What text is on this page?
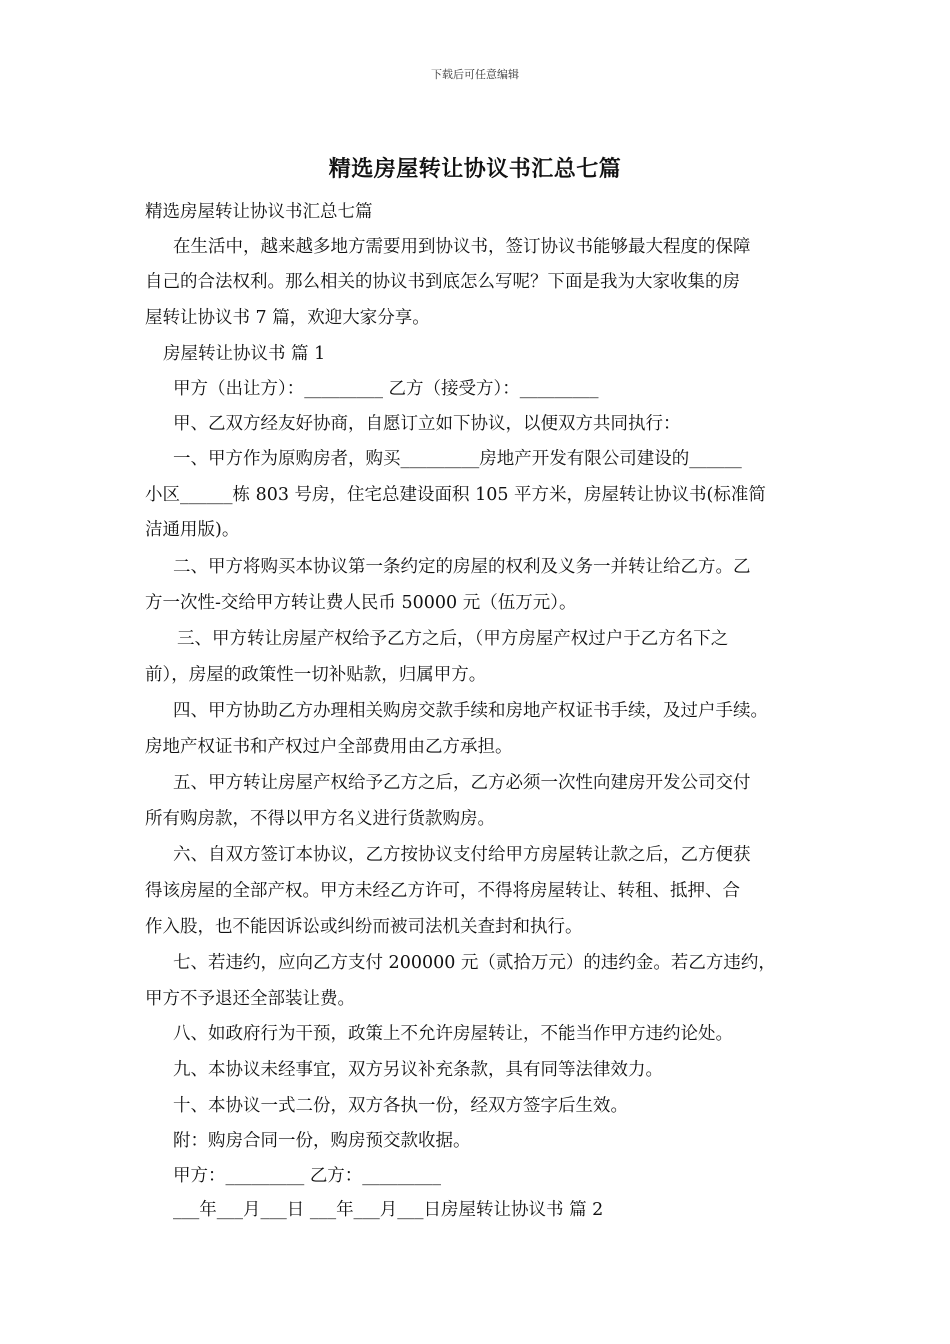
下载后可任意编辑
精选房屋转让协议书汇总七篇
精选房屋转让协议书汇总七篇
在生活中，越来越多地方需要用到协议书，签订协议书能够最大程度的保障
自己的合法权利。那么相关的协议书到底怎么写呢？下面是我为大家收集的房
屋转让协议书 7 篇，欢迎大家分享。
房屋转让协议书 篇 1
甲方（出让方）：_________ 乙方（接受方）：_________
甲、乙双方经友好协商，自愿订立如下协议，以便双方共同执行：
一、甲方作为原购房者，购买_________房地产开发有限公司建设的______
小区______栋 803 号房，住宅总建设面积 105 平方米，房屋转让协议书(标准简
洁通用版)。
二、甲方将购买本协议第一条约定的房屋的权利及义务一并转让给乙方。乙
方一次性-交给甲方转让费人民币 50000 元（伍万元）。
三、甲方转让房屋产权给予乙方之后，（甲方房屋产权过户于乙方名下之
前），房屋的政策性一切补贴款，归属甲方。
四、甲方协助乙方办理相关购房交款手续和房地产权证书手续，及过户手续。
房地产权证书和产权过户全部费用由乙方承担。
五、甲方转让房屋产权给予乙方之后，乙方必须一次性向建房开发公司交付
所有购房款，不得以甲方名义进行货款购房。
六、自双方签订本协议，乙方按协议支付给甲方房屋转让款之后，乙方便获
得该房屋的全部产权。甲方未经乙方许可，不得将房屋转让、转租、抵押、合
作入股，也不能因诉讼或纠纷而被司法机关查封和执行。
七、若违约，应向乙方支付 200000 元（贰拾万元）的违约金。若乙方违约，
甲方不予退还全部装让费。
八、如政府行为干预，政策上不允许房屋转让，不能当作甲方违约论处。
九、本协议未经事宜，双方另议补充条款，具有同等法律效力。
十、本协议一式二份，双方各执一份，经双方签字后生效。
附：购房合同一份，购房预交款收据。
甲方：_________ 乙方：_________
___年___月___日 ___年___月___日房屋转让协议书 篇 2
